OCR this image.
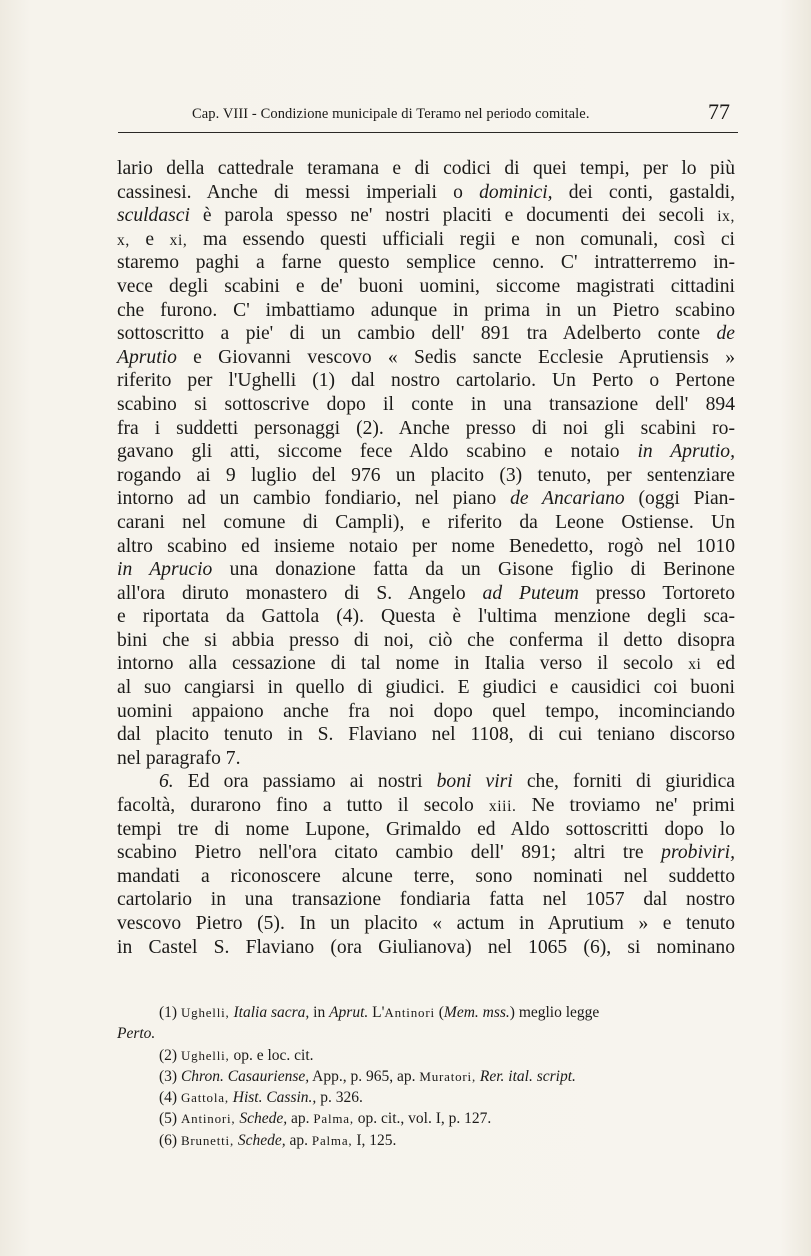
Cap. VIII - Condizione municipale di Teramo nel periodo comitale.	77
lario della cattedrale teramana e di codici di quei tempi, per lo più
cassinesi. Anche di messi imperiali o dominici, dei conti, gastaldi,
sculdasci è parola spesso ne' nostri placiti e documenti dei secoli ix,
x, e xi, ma essendo questi ufficiali regii e non comunali, così ci
staremo paghi a farne questo semplice cenno. C' intratterremo in-
vece degli scabini e de' buoni uomini, siccome magistrati cittadini
che furono. C' imbattiamo adunque in prima in un Pietro scabino
sottoscritto a pie' di un cambio dell' 891 tra Adelberto conte de
Aprutio e Giovanni vescovo « Sedis sancte Ecclesie Aprutiensis »
riferito per l'Ughelli (1) dal nostro cartolario. Un Perto o Pertone
scabino si sottoscrive dopo il conte in una transazione dell' 894
fra i suddetti personaggi (2). Anche presso di noi gli scabini ro-
gavano gli atti, siccome fece Aldo scabino e notaio in Aprutio,
rogando ai 9 luglio del 976 un placito (3) tenuto, per sentenziare
intorno ad un cambio fondiario, nel piano de Ancariano (oggi Pian-
carani nel comune di Campli), e riferito da Leone Ostiense. Un
altro scabino ed insieme notaio per nome Benedetto, rogò nel 1010
in Aprucio una donazione fatta da un Gisone figlio di Berinone
all'ora diruto monastero di S. Angelo ad Puteum presso Tortoreto
e riportata da Gattola (4). Questa è l'ultima menzione degli sca-
bini che si abbia presso di noi, ciò che conferma il detto disopra
intorno alla cessazione di tal nome in Italia verso il secolo xi ed
al suo cangiarsi in quello di giudici. E giudici e causidici coi buoni
uomini appaiono anche fra noi dopo quel tempo, incominciando
dal placito tenuto in S. Flaviano nel 1108, di cui teniano discorso
nel paragrafo 7.
6. Ed ora passiamo ai nostri boni viri che, forniti di giuridica
facoltà, durarono fino a tutto il secolo xiii. Ne troviamo ne' primi
tempi tre di nome Lupone, Grimaldo ed Aldo sottoscritti dopo lo
scabino Pietro nell'ora citato cambio dell' 891; altri tre probiviri,
mandati a riconoscere alcune terre, sono nominati nel suddetto
cartolario in una transazione fondiaria fatta nel 1057 dal nostro
vescovo Pietro (5). In un placito « actum in Aprutium » e tenuto
in Castel S. Flaviano (ora Giulianova) nel 1065 (6), si nominano
(1) Ughelli, Italia sacra, in Aprut. L'Antinori (Mem. mss.) meglio legge
Perto.
(2) Ughelli, op. e loc. cit.
(3) Chron. Casauriense, App., p. 965, ap. Muratori, Rer. ital. script.
(4) Gattola, Hist. Cassin., p. 326.
(5) Antinori, Schede, ap. Palma, op. cit., vol. I, p. 127.
(6) Brunetti, Schede, ap. Palma, I, 125.
